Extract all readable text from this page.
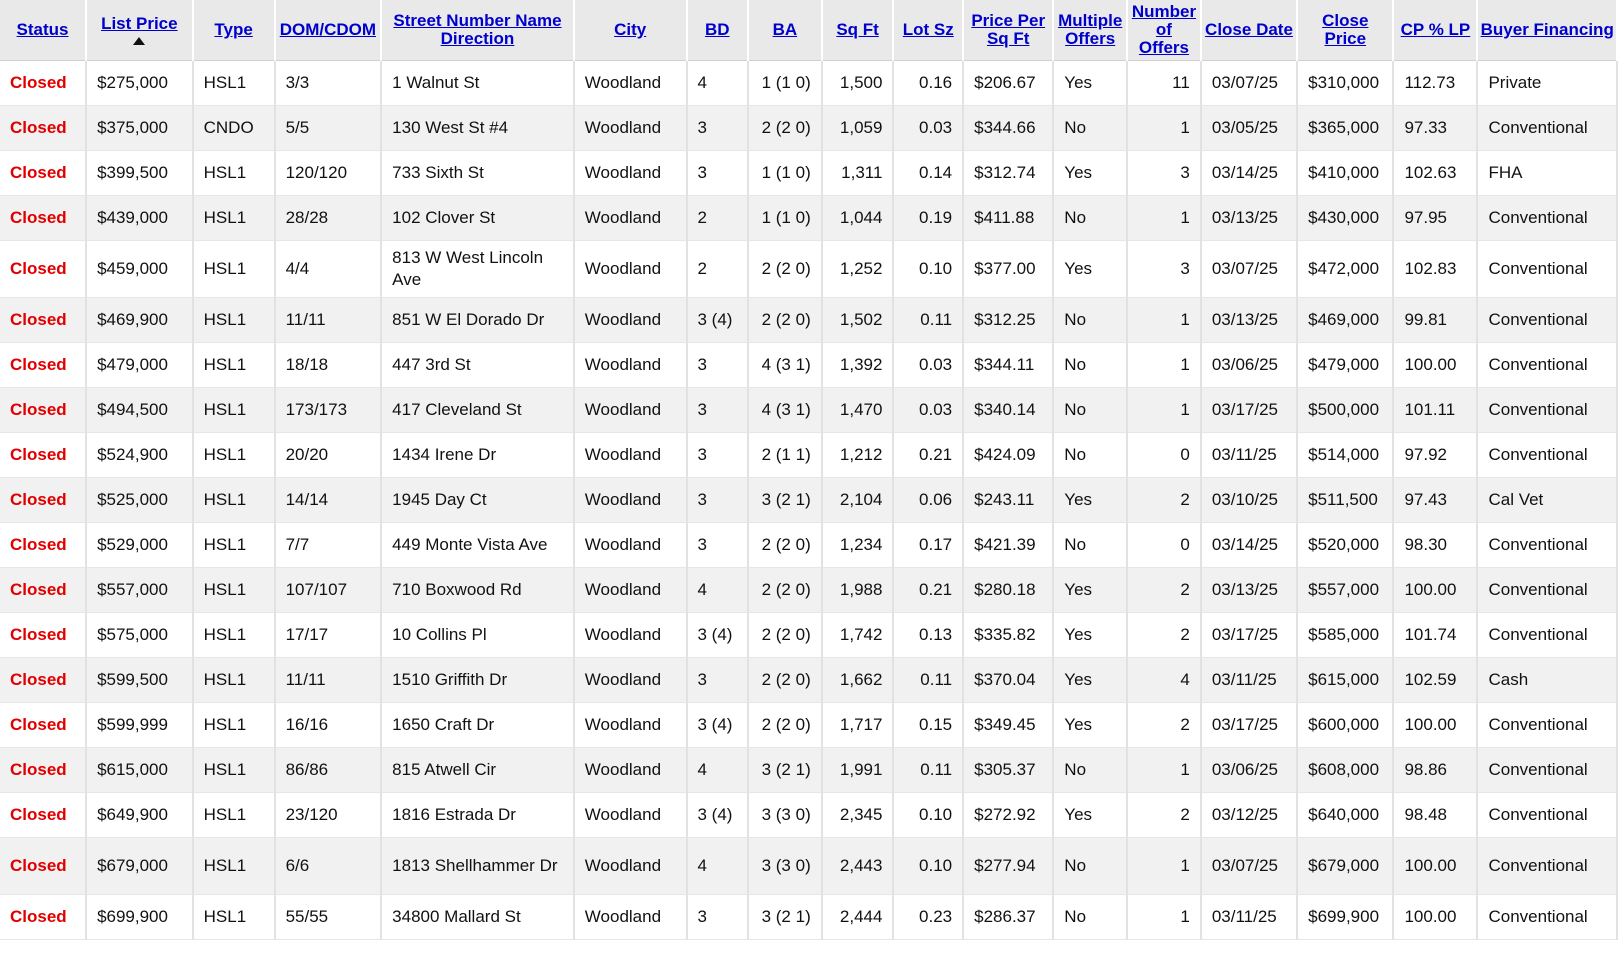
Status	List Price	Type	DOM/CDOM	Street Number Name Direction	City	BD	BA	Sq Ft	Lot Sz	Price Per Sq Ft	Multiple Offers	Number of Offers	Close Date	Close Price	CP % LP	Buyer Financing
Closed	$275,000	HSL1	3/3	1 Walnut St	Woodland	4	1 (1 0)	1,500	0.16	$206.67	Yes	11	03/07/25	$310,000	112.73	Private
Closed	$375,000	CNDO	5/5	130 West St #4	Woodland	3	2 (2 0)	1,059	0.03	$344.66	No	1	03/05/25	$365,000	97.33	Conventional
Closed	$399,500	HSL1	120/120	733 Sixth St	Woodland	3	1 (1 0)	1,311	0.14	$312.74	Yes	3	03/14/25	$410,000	102.63	FHA
Closed	$439,000	HSL1	28/28	102 Clover St	Woodland	2	1 (1 0)	1,044	0.19	$411.88	No	1	03/13/25	$430,000	97.95	Conventional
Closed	$459,000	HSL1	4/4	813 W West Lincoln Ave	Woodland	2	2 (2 0)	1,252	0.10	$377.00	Yes	3	03/07/25	$472,000	102.83	Conventional
Closed	$469,900	HSL1	11/11	851 W El Dorado Dr	Woodland	3 (4)	2 (2 0)	1,502	0.11	$312.25	No	1	03/13/25	$469,000	99.81	Conventional
Closed	$479,000	HSL1	18/18	447 3rd St	Woodland	3	4 (3 1)	1,392	0.03	$344.11	No	1	03/06/25	$479,000	100.00	Conventional
Closed	$494,500	HSL1	173/173	417 Cleveland St	Woodland	3	4 (3 1)	1,470	0.03	$340.14	No	1	03/17/25	$500,000	101.11	Conventional
Closed	$524,900	HSL1	20/20	1434 Irene Dr	Woodland	3	2 (1 1)	1,212	0.21	$424.09	No	0	03/11/25	$514,000	97.92	Conventional
Closed	$525,000	HSL1	14/14	1945 Day Ct	Woodland	3	3 (2 1)	2,104	0.06	$243.11	Yes	2	03/10/25	$511,500	97.43	Cal Vet
Closed	$529,000	HSL1	7/7	449 Monte Vista Ave	Woodland	3	2 (2 0)	1,234	0.17	$421.39	No	0	03/14/25	$520,000	98.30	Conventional
Closed	$557,000	HSL1	107/107	710 Boxwood Rd	Woodland	4	2 (2 0)	1,988	0.21	$280.18	Yes	2	03/13/25	$557,000	100.00	Conventional
Closed	$575,000	HSL1	17/17	10 Collins Pl	Woodland	3 (4)	2 (2 0)	1,742	0.13	$335.82	Yes	2	03/17/25	$585,000	101.74	Conventional
Closed	$599,500	HSL1	11/11	1510 Griffith Dr	Woodland	3	2 (2 0)	1,662	0.11	$370.04	Yes	4	03/11/25	$615,000	102.59	Cash
Closed	$599,999	HSL1	16/16	1650 Craft Dr	Woodland	3 (4)	2 (2 0)	1,717	0.15	$349.45	Yes	2	03/17/25	$600,000	100.00	Conventional
Closed	$615,000	HSL1	86/86	815 Atwell Cir	Woodland	4	3 (2 1)	1,991	0.11	$305.37	No	1	03/06/25	$608,000	98.86	Conventional
Closed	$649,900	HSL1	23/120	1816 Estrada Dr	Woodland	3 (4)	3 (3 0)	2,345	0.10	$272.92	Yes	2	03/12/25	$640,000	98.48	Conventional
Closed	$679,000	HSL1	6/6	1813 Shellhammer Dr	Woodland	4	3 (3 0)	2,443	0.10	$277.94	No	1	03/07/25	$679,000	100.00	Conventional
Closed	$699,900	HSL1	55/55	34800 Mallard St	Woodland	3	3 (2 1)	2,444	0.23	$286.37	No	1	03/11/25	$699,900	100.00	Conventional
